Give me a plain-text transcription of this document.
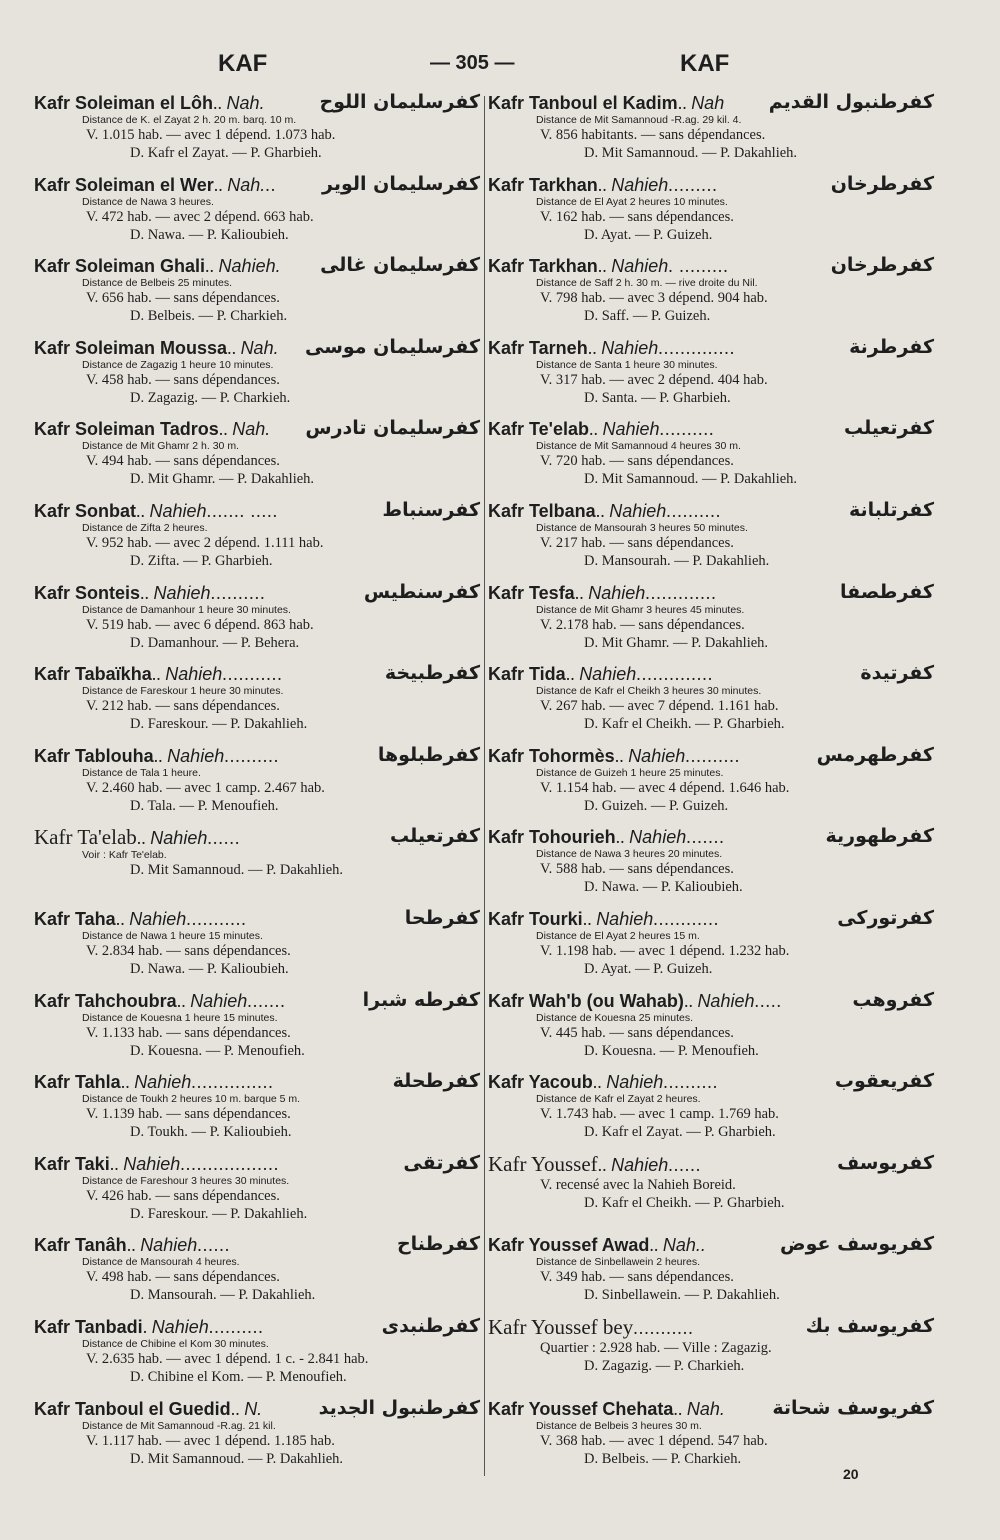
KAF	— 305 —	KAF
Kafr Soleiman el Lôh.. Nah.	كفرسليمان اللوح
Distance de K. el Zayat 2 h. 20 m. barq. 10 m.
V. 1.015 hab. — avec 1 dépend. 1.073 hab.
D. Kafr el Zayat. — P. Gharbieh.
Kafr Soleiman el Wer.. Nah... كفرسليمان الوير
Distance de Nawa 3 heures.
V. 472 hab. — avec 2 dépend. 663 hab.
D. Nawa. — P. Kalioubieh.
Kafr Soleiman Ghali.. Nahieh. كفرسليمان غالى
Distance de Belbeis 25 minutes.
V. 656 hab. — sans dépendances.
D. Belbeis. — P. Charkieh.
Kafr Soleiman Moussa.. Nah. كفرسليمان موسى
Distance de Zagazig 1 heure 10 minutes.
V. 458 hab. — sans dépendances.
D. Zagazig. — P. Charkieh.
Kafr Soleiman Tadros.. Nah. كفرسليمان تادرس
Distance de Mit Ghamr 2 h. 30 m.
V. 494 hab. — sans dépendances.
D. Mit Ghamr. — P. Dakahlieh.
Kafr Sonbat.. Nahieh....... .....	كفرسنباط
Distance de Zifta 2 heures.
V. 952 hab. — avec 2 dépend. 1.111 hab.
D. Zifta. — P. Gharbieh.
Kafr Sonteis.. Nahieh..........	كفرسنطيس
Distance de Damanhour 1 heure 30 minutes.
V. 519 hab. — avec 6 dépend. 863 hab.
D. Damanhour. — P. Behera.
Kafr Tabaïkha.. Nahieh...........	كفرطبيخة
Distance de Fareskour 1 heure 30 minutes.
V. 212 hab. — sans dépendances.
D. Fareskour. — P. Dakahlieh.
Kafr Tablouha.. Nahieh..........	كفرطبلوها
Distance de Tala 1 heure.
V. 2.460 hab. — avec 1 camp. 2.467 hab.
D. Tala. — P. Menoufieh.
Kafr Ta'elab.. Nahieh......	كفرتعيلب
Voir : Kafr Te'elab.
D. Mit Samannoud. — P. Dakahlieh.
Kafr Taha.. Nahieh...........	كفرطحا
Distance de Nawa 1 heure 15 minutes.
V. 2.834 hab. — sans dépendances.
D. Nawa. — P. Kalioubieh.
Kafr Tahchoubra.. Nahieh.......	كفرطه شبرا
Distance de Kouesna 1 heure 15 minutes.
V. 1.133 hab. — sans dépendances.
D. Kouesna. — P. Menoufieh.
Kafr Tahla.. Nahieh...............	كفرطحلة
Distance de Toukh 2 heures 10 m. barque 5 m.
V. 1.139 hab. — sans dépendances.
D. Toukh. — P. Kalioubieh.
Kafr Taki.. Nahieh..................	كفرتقى
Distance de Fareshour 3 heures 30 minutes.
V. 426 hab. — sans dépendances.
D. Fareskour. — P. Dakahlieh.
Kafr Tanâh.. Nahieh......	كفرطناح
Distance de Mansourah 4 heures.
V. 498 hab. — sans dépendances.
D. Mansourah. — P. Dakahlieh.
Kafr Tanbadi. Nahieh..........	كفرطنبدى
Distance de Chibine el Kom 30 minutes.
V. 2.635 hab. — avec 1 dépend. 1 c. - 2.841 hab.
D. Chibine el Kom. — P. Menoufieh.
Kafr Tanboul el Guedid.. N.	كفرطنبول الجديد
Distance de Mit Samannoud -R.ag. 21 kil.
V. 1.117 hab. — avec 1 dépend. 1.185 hab.
D. Mit Samannoud. — P. Dakahlieh.
Kafr Tanboul el Kadim.. Nah كفرطنبول القديم
Distance de Mit Samannoud -R.ag. 29 kil. 4.
V. 856 habitants. — sans dépendances.
D. Mit Samannoud. — P. Dakahlieh.
Kafr Tarkhan.. Nahieh.........	كفرطرخان
Distance de El Ayat 2 heures 10 minutes.
V. 162 hab. — sans dépendances.
D. Ayat. — P. Guizeh.
Kafr Tarkhan.. Nahieh. .........	كفرطرخان
Distance de Saff 2 h. 30 m. — rive droite du Nil.
V. 798 hab. — avec 3 dépend. 904 hab.
D. Saff. — P. Guizeh.
Kafr Tarneh.. Nahieh..............	كفرطرنة
Distance de Santa 1 heure 30 minutes.
V. 317 hab. — avec 2 dépend. 404 hab.
D. Santa. — P. Gharbieh.
Kafr Te'elab.. Nahieh..........	كفرتعيلب
Distance de Mit Samannoud 4 heures 30 m.
V. 720 hab. — sans dépendances.
D. Mit Samannoud. — P. Dakahlieh.
Kafr Telbana.. Nahieh..........	كفرتلبانة
Distance de Mansourah 3 heures 50 minutes.
V. 217 hab. — sans dépendances.
D. Mansourah. — P. Dakahlieh.
Kafr Tesfa.. Nahieh.............	كفرطصفا
Distance de Mit Ghamr 3 heures 45 minutes.
V. 2.178 hab. — sans dépendances.
D. Mit Ghamr. — P. Dakahlieh.
Kafr Tida.. Nahieh..............	كفرتيدة
Distance de Kafr el Cheikh 3 heures 30 minutes.
V. 267 hab. — avec 7 dépend. 1.161 hab.
D. Kafr el Cheikh. — P. Gharbieh.
Kafr Tohormès.. Nahieh..........	كفرطهرمس
Distance de Guizeh 1 heure 25 minutes.
V. 1.154 hab. — avec 4 dépend. 1.646 hab.
D. Guizeh. — P. Guizeh.
Kafr Tohourieh.. Nahieh.......	كفرطهورية
Distance de Nawa 3 heures 20 minutes.
V. 588 hab. — sans dépendances.
D. Nawa. — P. Kalioubieh.
Kafr Tourki.. Nahieh............	كفرتوركى
Distance de El Ayat 2 heures 15 m.
V. 1.198 hab. — avec 1 dépend. 1.232 hab.
D. Ayat. — P. Guizeh.
Kafr Wah'b (ou Wahab).. Nahieh.....	كفروهب
Distance de Kouesna 25 minutes.
V. 445 hab. — sans dépendances.
D. Kouesna. — P. Menoufieh.
Kafr Yacoub.. Nahieh..........	كفريعقوب
Distance de Kafr el Zayat 2 heures.
V. 1.743 hab. — avec 1 camp. 1.769 hab.
D. Kafr el Zayat. — P. Gharbieh.
Kafr Youssef.. Nahieh......	كفريوسف
V. recensé avec la Nahieh Boreid.
D. Kafr el Cheikh. — P. Gharbieh.
Kafr Youssef Awad.. Nah..	كفريوسف عوض
Distance de Sinbellawein 2 heures.
V. 349 hab. — sans dépendances.
D. Sinbellawein. — P. Dakahlieh.
Kafr Youssef bey...........	كفريوسف بك
Quartier : 2.928 hab. — Ville : Zagazig.
D. Zagazig. — P. Charkieh.
Kafr Youssef Chehata.. Nah. كفريوسف شحاتة
Distance de Belbeis 3 heures 30 m.
V. 368 hab. — avec 1 dépend. 547 hab.
D. Belbeis. — P. Charkieh.
20
